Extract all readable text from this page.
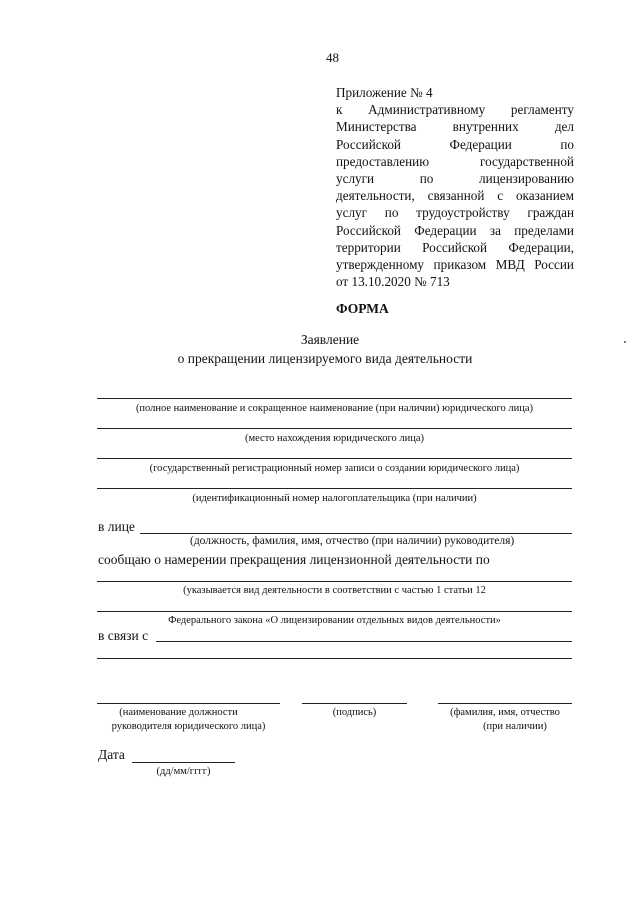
48
Приложение № 4
к Административному регламенту
Министерства внутренних дел
Российской Федерации по
предоставлению государственной
услуги по лицензированию
деятельности, связанной с оказанием
услуг по трудоустройству граждан
Российской Федерации за пределами
территории Российской Федерации,
утвержденному приказом МВД России
от 13.10.2020 № 713
ФОРМА
Заявление
о прекращении лицензируемого вида деятельности
(полное наименование и сокращенное наименование (при наличии) юридического лица)
(место нахождения юридического лица)
(государственный регистрационный номер записи о создании юридического лица)
(идентификационный номер налогоплательщика (при наличии)
в лице
(должность, фамилия, имя, отчество (при наличии) руководителя)
сообщаю о намерении прекращения лицензионной деятельности по
(указывается вид деятельности в соответствии с частью 1 статьи 12
Федерального закона «О лицензировании отдельных видов деятельности»
в связи с
(наименование должности
руководителя юридического лица)
(подпись)	(фамилия, имя, отчество
(при наличии)
Дата
(дд/мм/гггг)
